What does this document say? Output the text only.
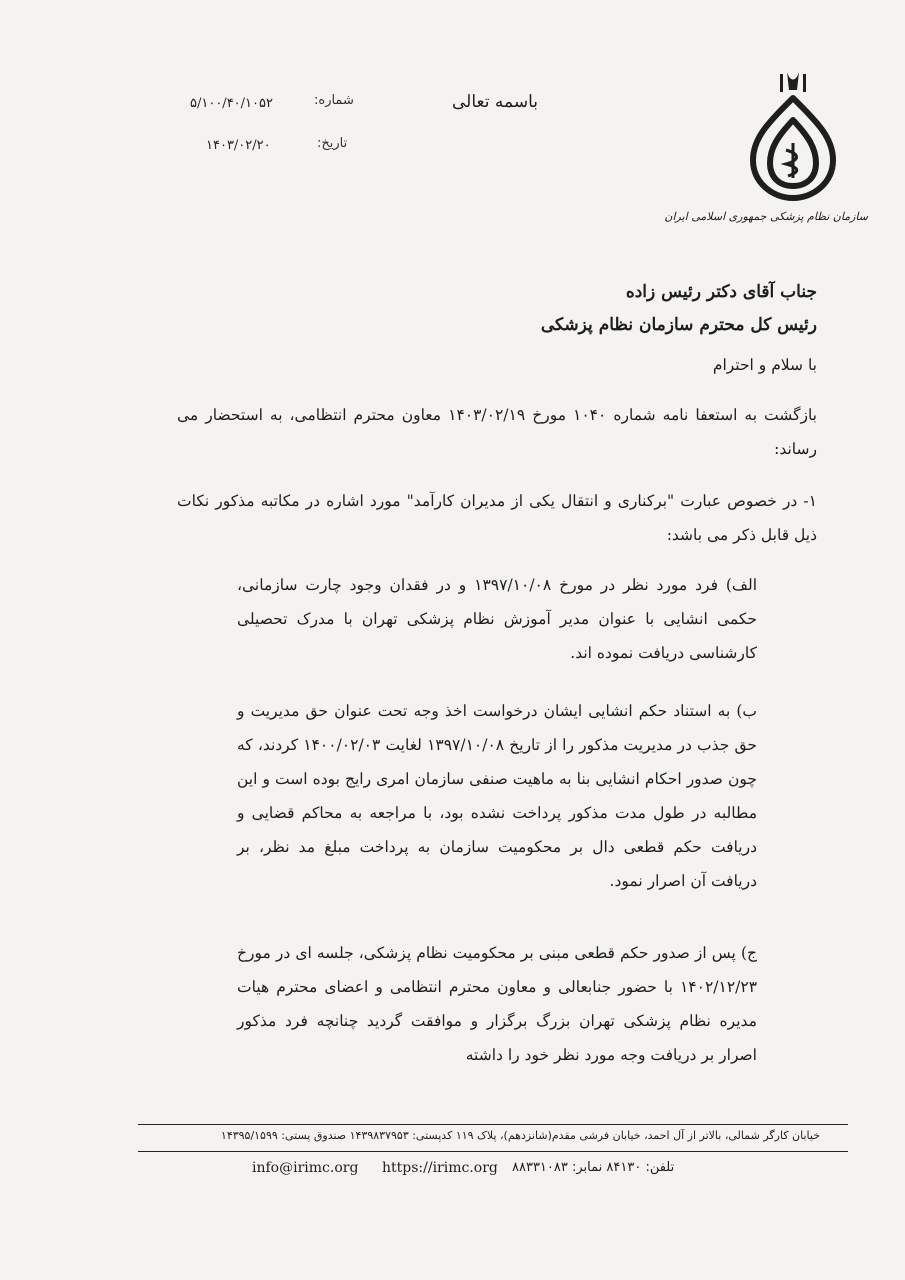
سازمان نظام پزشکی جمهوری اسلامی ایران
باسمه تعالی
شماره:
۵/۱۰۰/۴۰/۱۰۵۲
تاریخ:
۱۴۰۳/۰۲/۲۰
جناب آقای دکتر رئیس زاده
رئیس کل محترم سازمان نظام پزشکی
با سلام و احترام
بازگشت به استعفا نامه شماره ۱۰۴۰ مورخ ۱۴۰۳/۰۲/۱۹ معاون محترم انتظامی، به استحضار می رساند:
۱- در خصوص عبارت "برکناری و انتقال یکی از مدیران کارآمد" مورد اشاره در مکاتبه مذکور نکات ذیل قابل ذکر می باشد:
الف) فرد مورد نظر در مورخ ۱۳۹۷/۱۰/۰۸ و در فقدان وجود چارت سازمانی، حکمی انشایی با عنوان مدیر آموزش نظام پزشکی تهران با مدرک تحصیلی کارشناسی دریافت نموده اند.
ب) به استناد حکم انشایی ایشان درخواست اخذ وجه تحت عنوان حق مدیریت و حق جذب در مدیریت مذکور را از تاریخ ۱۳۹۷/۱۰/۰۸ لغایت ۱۴۰۰/۰۲/۰۳ کردند، که چون صدور احکام انشایی بنا به ماهیت صنفی سازمان امری رایج بوده است و این مطالبه در طول مدت مذکور پرداخت نشده بود، با مراجعه به محاکم قضایی و دریافت حکم قطعی دال بر محکومیت سازمان به پرداخت مبلغ مد نظر، بر دریافت آن اصرار نمود.
ج) پس از صدور حکم قطعی مبنی بر محکومیت نظام پزشکی، جلسه ای در مورخ ۱۴۰۲/۱۲/۲۳ با حضور جنابعالی و معاون محترم انتظامی و اعضای محترم هیات مدیره نظام پزشکی تهران بزرگ برگزار و موافقت گردید چنانچه فرد مذکور اصرار بر دریافت وجه مورد نظر خود را داشته
خیابان کارگر شمالی، بالاتر از آل احمد، خیابان فرشی مقدم(شانزدهم)، پلاک ۱۱۹ کدپستی: ۱۴۳۹۸۳۷۹۵۳ صندوق پستی: ۱۴۳۹۵/۱۵۹۹
تلفن: ۸۴۱۳۰ نمابر: ۸۸۳۳۱۰۸۳
https://irimc.org
info@irimc.org
